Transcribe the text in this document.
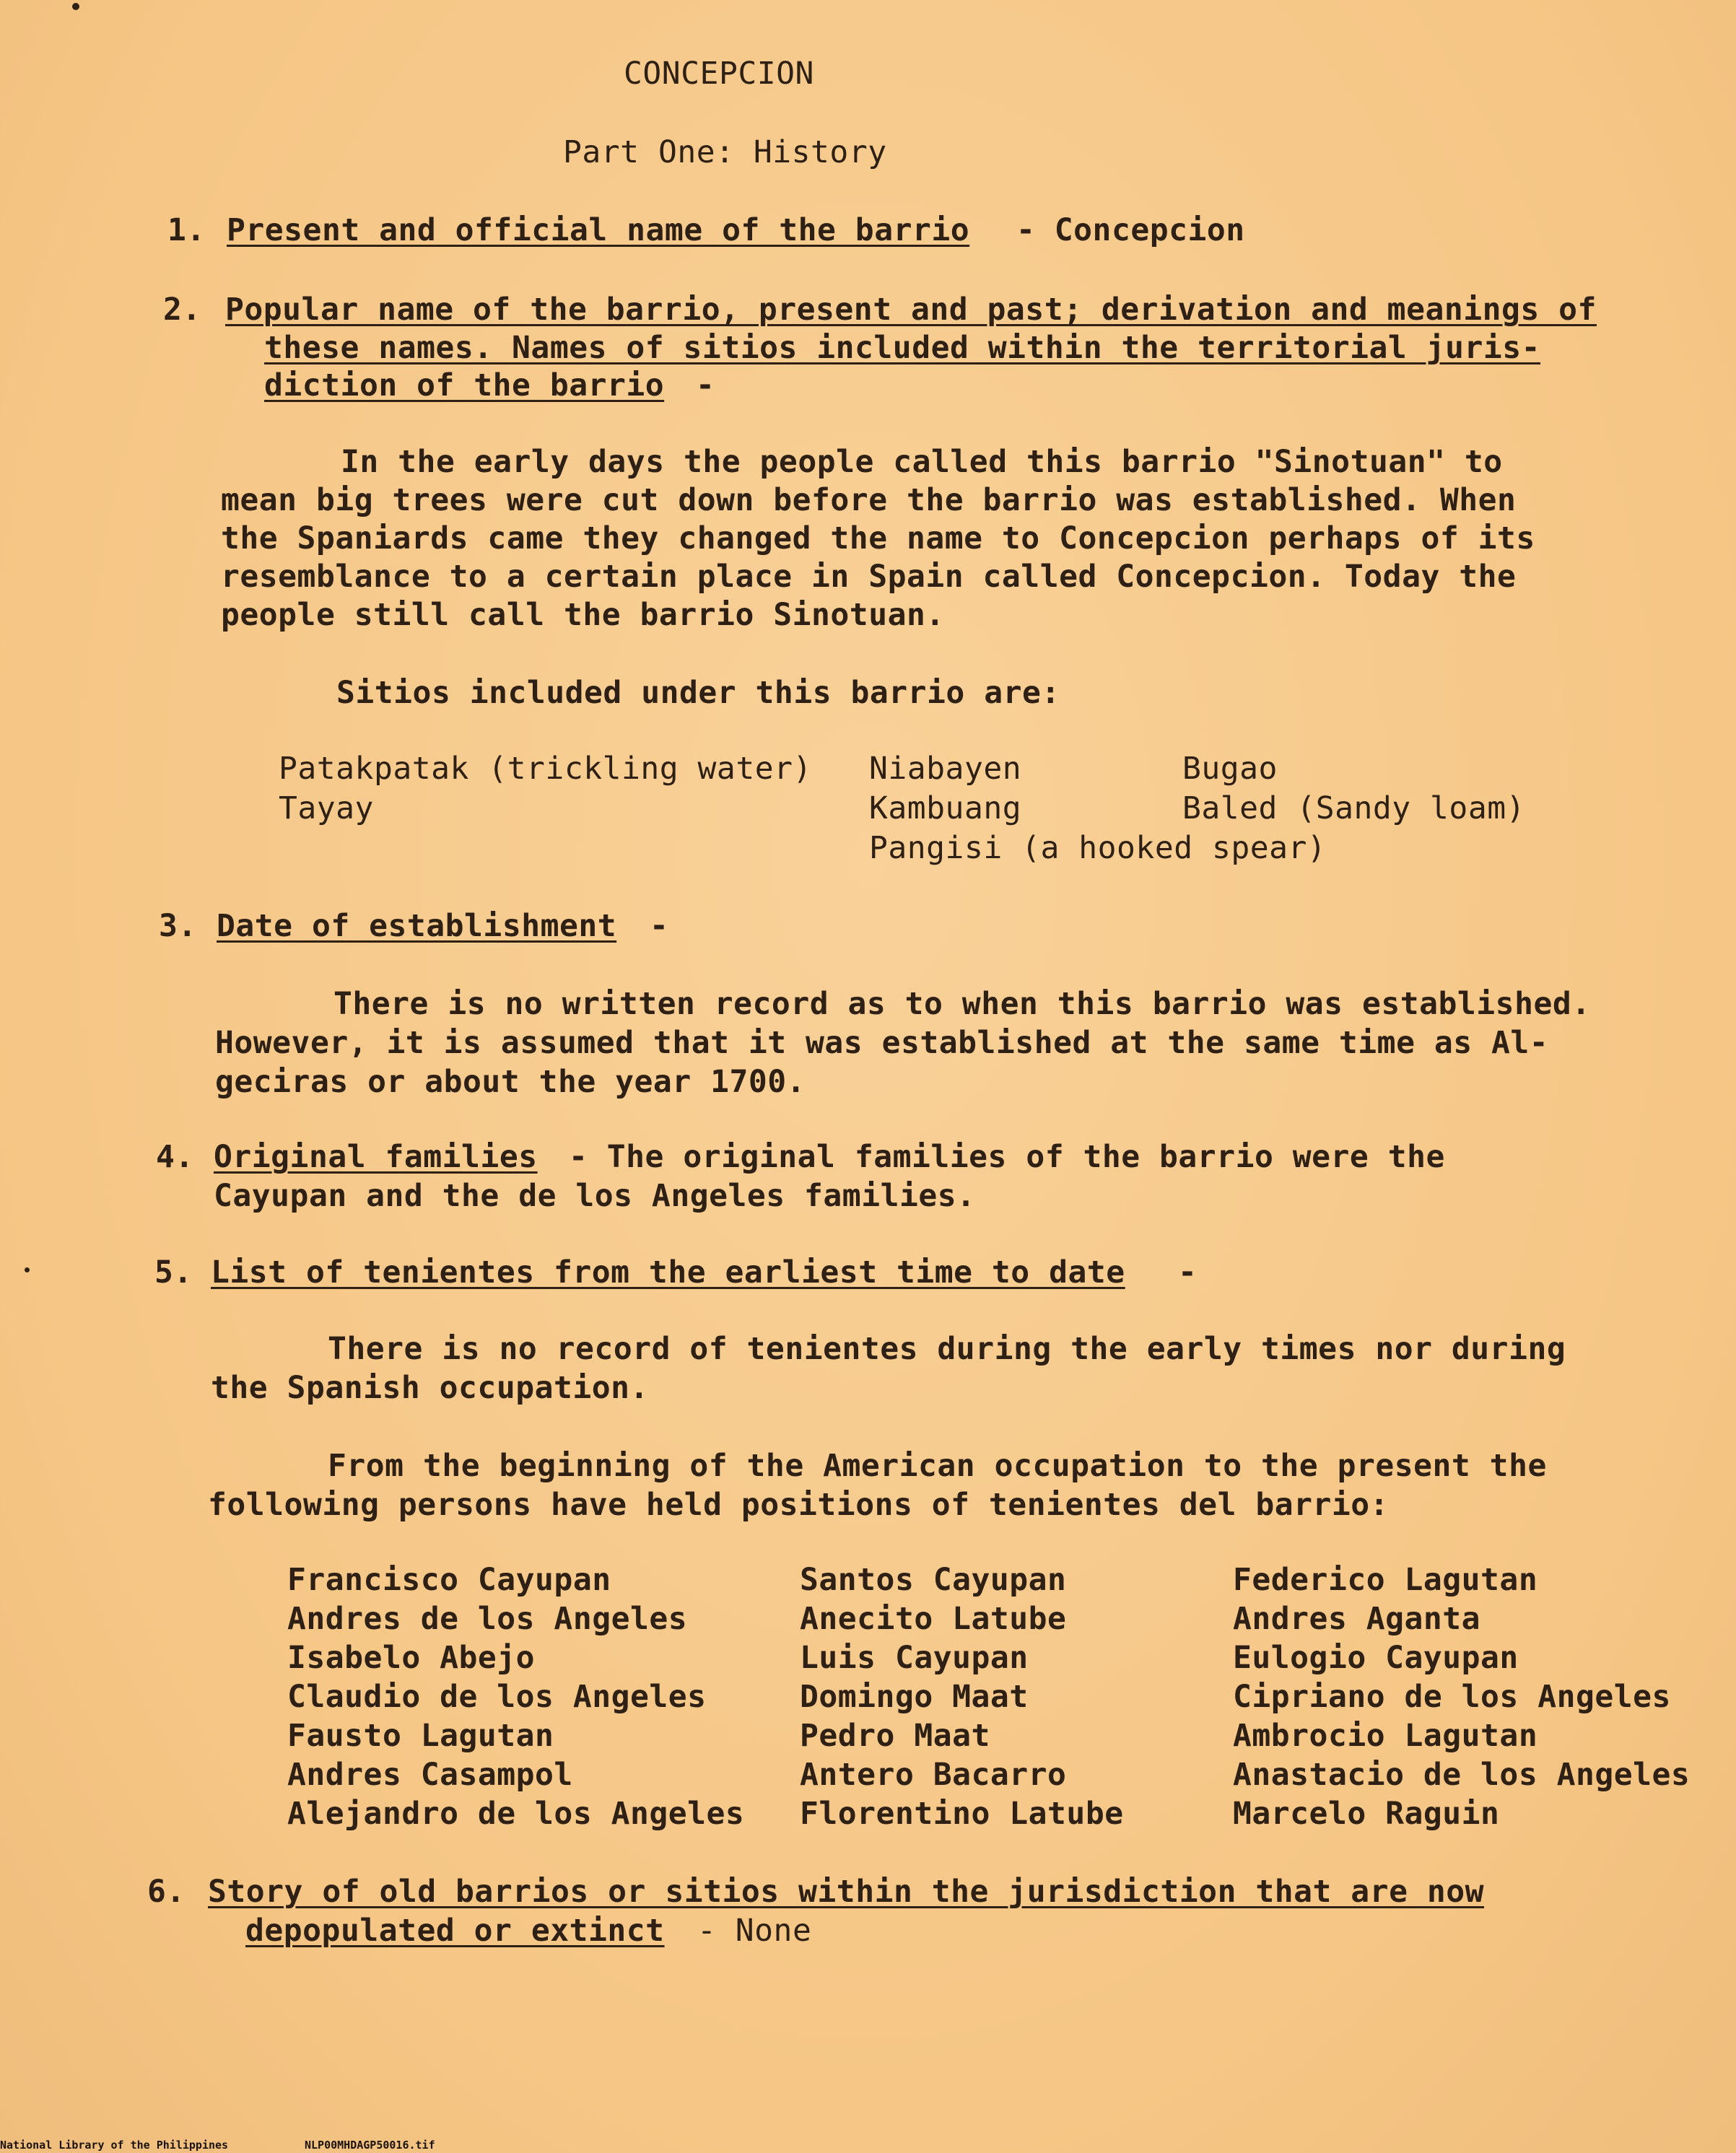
CONCEPCION
Part One: History
1. Present and official name of the barrio - Concepcion
2. Popular name of the barrio, present and past; derivation and meanings of
these names. Names of sitios included within the territorial juris-
diction of the barrio -
In the early days the people called this barrio "Sinotuan" to
mean big trees were cut down before the barrio was established. When
the Spaniards came they changed the name to Concepcion perhaps of its
resemblance to a certain place in Spain called Concepcion. Today the
people still call the barrio Sinotuan.
Sitios included under this barrio are:
Patakpatak (trickling water)
Tayay
Niabayen
Kambuang
Pangisi (a hooked spear)
Bugao
Baled (Sandy loam)
3. Date of establishment -
There is no written record as to when this barrio was established.
However, it is assumed that it was established at the same time as Al-
geciras or about the year 1700.
4. Original families - The original families of the barrio were the
Cayupan and the de los Angeles families.
5. List of tenientes from the earliest time to date -
There is no record of tenientes during the early times nor during
the Spanish occupation.
From the beginning of the American occupation to the present the
following persons have held positions of tenientes del barrio:
Francisco Cayupan
Andres de los Angeles
Isabelo Abejo
Claudio de los Angeles
Fausto Lagutan
Andres Casampol
Alejandro de los Angeles
Santos Cayupan
Anecito Latube
Luis Cayupan
Domingo Maat
Pedro Maat
Antero Bacarro
Florentino Latube
Federico Lagutan
Andres Aganta
Eulogio Cayupan
Cipriano de los Angeles
Ambrocio Lagutan
Anastacio de los Angeles
Marcelo Raguin
6. Story of old barrios or sitios within the jurisdiction that are now
depopulated or extinct - None
National Library of the Philippines	NLP00MHDAGP50016.tif
